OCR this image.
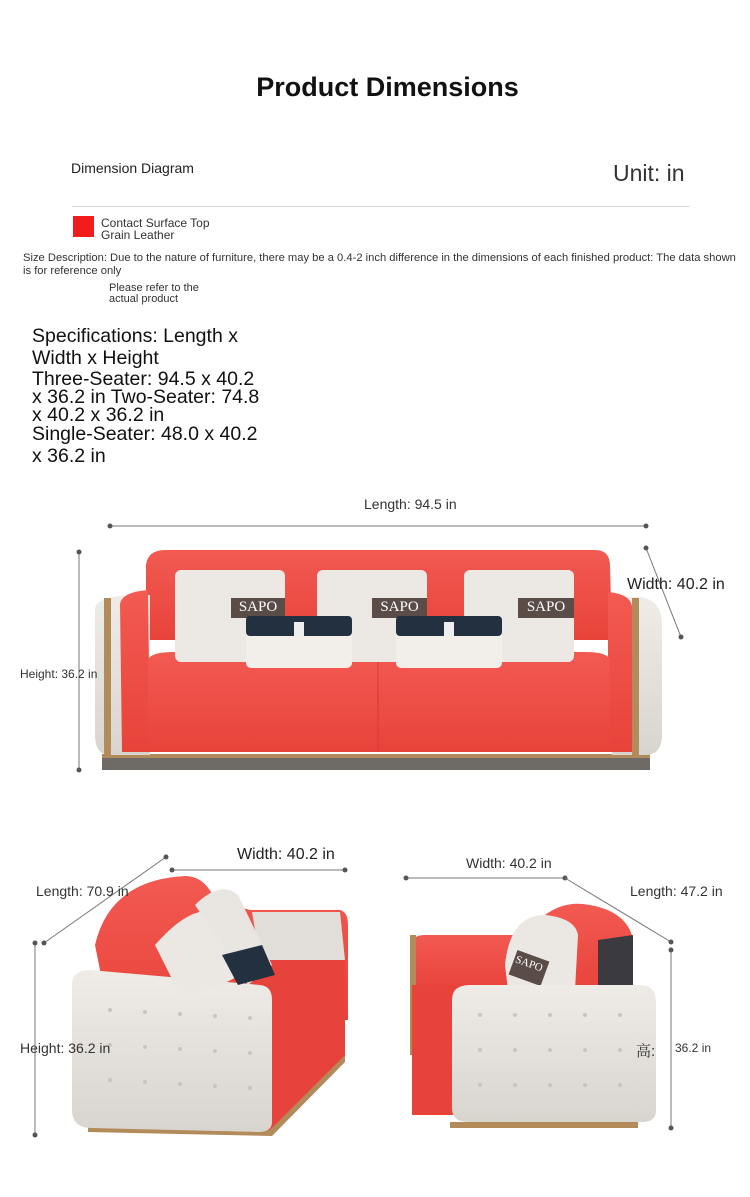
Product Dimensions
Dimension Diagram	Unit: in
Contact Surface Top
Grain Leather
Size Description: Due to the nature of furniture, there may be a 0.4-2 inch difference in the dimensions of each finished product: The data shown is for reference only
Please refer to the
actual product
Specifications: Length x
Width x Height
Three-Seater: 94.5 x 40.2
x 36.2 in Two-Seater: 74.8
x 40.2 x 36.2 in
Single-Seater: 48.0 x 40.2
x 36.2 in
SAPO	SAPO	SAPO
SAPO
Length: 94.5 in
Width: 40.2 in
Height: 36.2 in
Length: 70.9 in
Width: 40.2 in
Height: 36.2 in
Width: 40.2 in
Length: 47.2 in
高: 36.2 in
